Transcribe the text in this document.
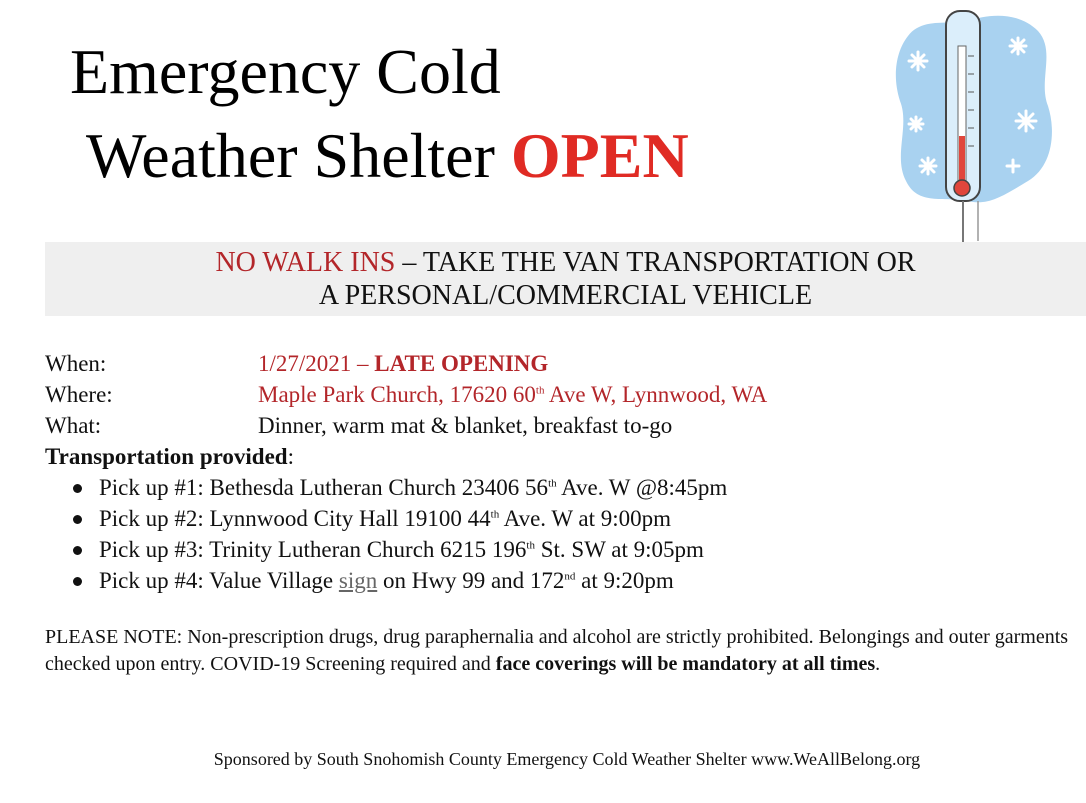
Emergency Cold
Weather Shelter OPEN
NO WALK INS – TAKE THE VAN TRANSPORTATION OR
A PERSONAL/COMMERCIAL VEHICLE
When:	1/27/2021 – LATE OPENING
Where:	Maple Park Church, 17620 60th Ave W, Lynnwood, WA
What:	Dinner, warm mat & blanket, breakfast to-go
Transportation provided:
Pick up #1: Bethesda Lutheran Church 23406 56th Ave. W @8:45pm
Pick up #2: Lynnwood City Hall 19100 44th Ave. W at 9:00pm
Pick up #3: Trinity Lutheran Church 6215 196th St. SW at 9:05pm
Pick up #4: Value Village sign on Hwy 99 and 172nd at 9:20pm
PLEASE NOTE: Non-prescription drugs, drug paraphernalia and alcohol are strictly prohibited. Belongings and outer garments checked upon entry. COVID-19 Screening required and face coverings will be mandatory at all times.
Sponsored by South Snohomish County Emergency Cold Weather Shelter www.WeAllBelong.org
